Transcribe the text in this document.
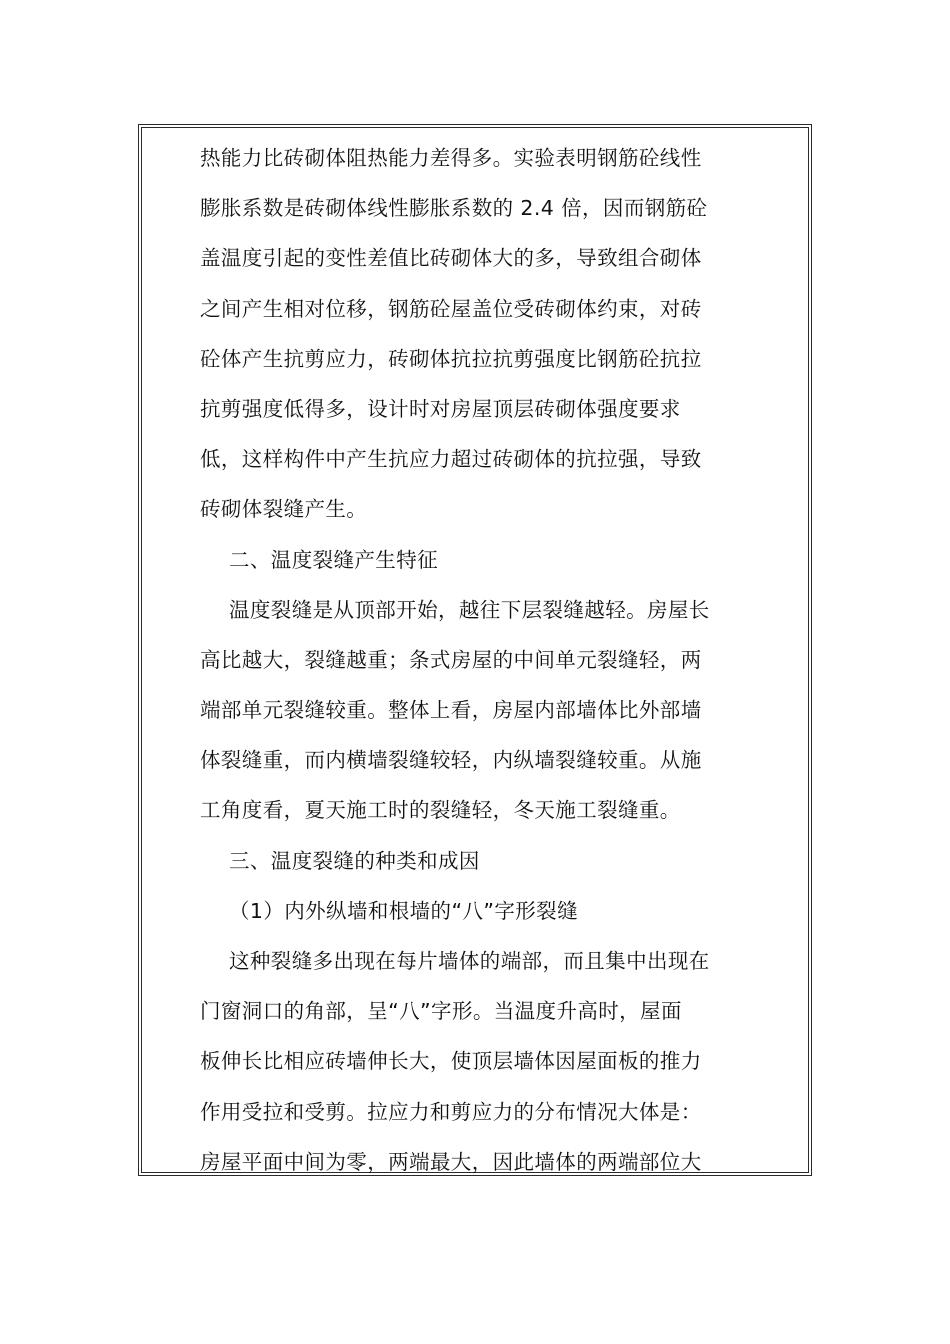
热能力比砖砌体阻热能力差得多。实验表明钢筋砼线性
膨胀系数是砖砌体线性膨胀系数的 2.4 倍，因而钢筋砼
盖温度引起的变性差值比砖砌体大的多，导致组合砌体
之间产生相对位移，钢筋砼屋盖位受砖砌体约束，对砖
砼体产生抗剪应力，砖砌体抗拉抗剪强度比钢筋砼抗拉
抗剪强度低得多，设计时对房屋顶层砖砌体强度要求
低，这样构件中产生抗应力超过砖砌体的抗拉强，导致
砖砌体裂缝产生。
二、温度裂缝产生特征
温度裂缝是从顶部开始，越往下层裂缝越轻。房屋长
高比越大，裂缝越重；条式房屋的中间单元裂缝轻，两
端部单元裂缝较重。整体上看，房屋内部墙体比外部墙
体裂缝重，而内横墙裂缝较轻，内纵墙裂缝较重。从施
工角度看，夏天施工时的裂缝轻，冬天施工裂缝重。
三、温度裂缝的种类和成因
（1）内外纵墙和根墙的“八”字形裂缝
这种裂缝多出现在每片墙体的端部，而且集中出现在
门窗洞口的角部，呈“八”字形。当温度升高时，屋面
板伸长比相应砖墙伸长大，使顶层墙体因屋面板的推力
作用受拉和受剪。拉应力和剪应力的分布情况大体是：
房屋平面中间为零，两端最大，因此墙体的两端部位大
